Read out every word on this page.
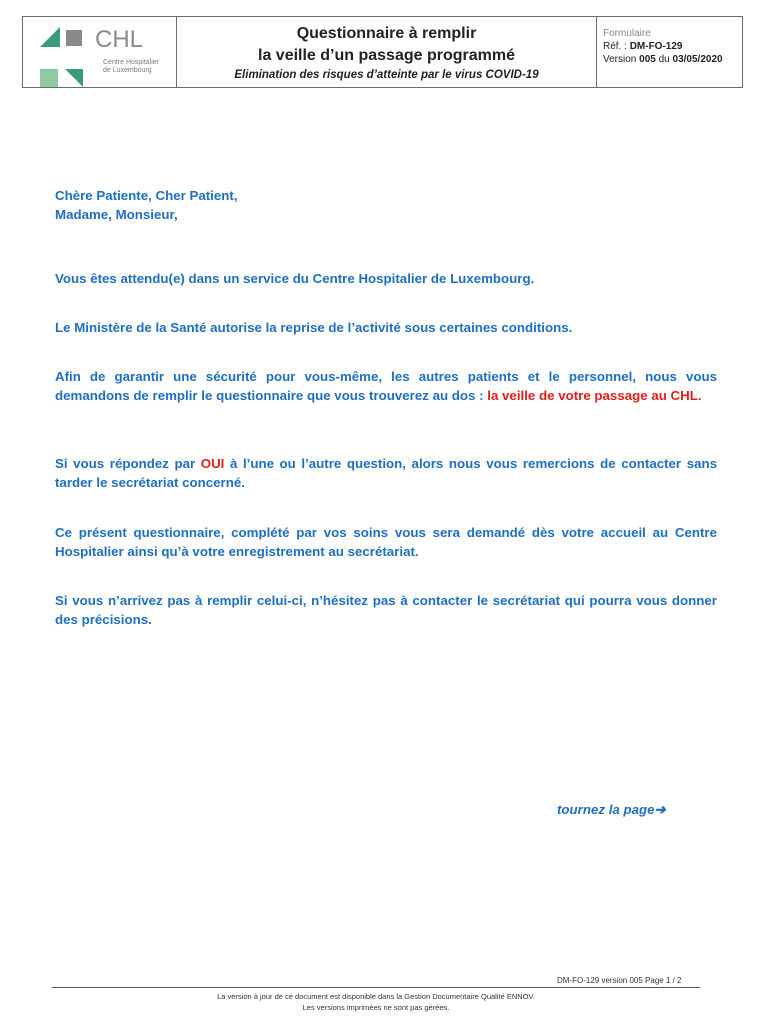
CHL
Centre Hospitalier
de Luxembourg
Questionnaire à remplir
la veille d’un passage programmé
Elimination des risques d’atteinte par le virus COVID-19
Formulaire
Réf. : DM-FO-129
Version 005 du 03/05/2020
Chère Patiente, Cher Patient,
Madame, Monsieur,

Vous êtes attendu(e) dans un service du Centre Hospitalier de Luxembourg.

Le Ministère de la Santé autorise la reprise de l’activité sous certaines conditions.

Afin de garantir une sécurité pour vous-même, les autres patients et le personnel, nous vous demandons de remplir le questionnaire que vous trouverez au dos : la veille de votre passage au CHL.

Si vous répondez par OUI à l’une ou l’autre question, alors nous vous remercions de contacter sans tarder le secrétariat concerné.

Ce présent questionnaire, complété par vos soins vous sera demandé dès votre accueil au Centre Hospitalier ainsi qu’à votre enregistrement au secrétariat.

Si vous n’arrivez pas à remplir celui-ci, n’hésitez pas à contacter le secrétariat qui pourra vous donner des précisions.

tournez la page➔
DM-FO-129 version 005 Page 1 / 2
La version à jour de ce document est disponible dans la Gestion Documentaire Qualité ENNOV.
Les versions imprimées ne sont pas gérées.
